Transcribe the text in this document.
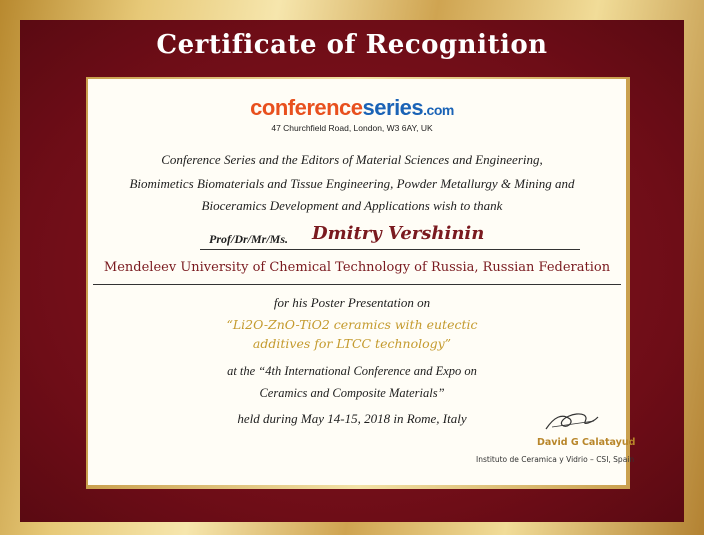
Certificate of Recognition
conferenceseries.com
47 Churchfield Road, London, W3 6AY, UK
Conference Series and the Editors of Material Sciences and Engineering,
Biomimetics Biomaterials and Tissue Engineering, Powder Metallurgy & Mining and
Bioceramics Development and Applications wish to thank
Prof/Dr/Mr/Ms. Dmitry Vershinin
Mendeleev University of Chemical Technology of Russia, Russian Federation
for his Poster Presentation on
“Li2O-ZnO-TiO2 ceramics with eutectic
additives for LTCC technology”
at the “4th International Conference and Expo on
Ceramics and Composite Materials”
held during May 14-15, 2018 in Rome, Italy
David G Calatayud
Instituto de Ceramica y Vidrio – CSI, Spain
